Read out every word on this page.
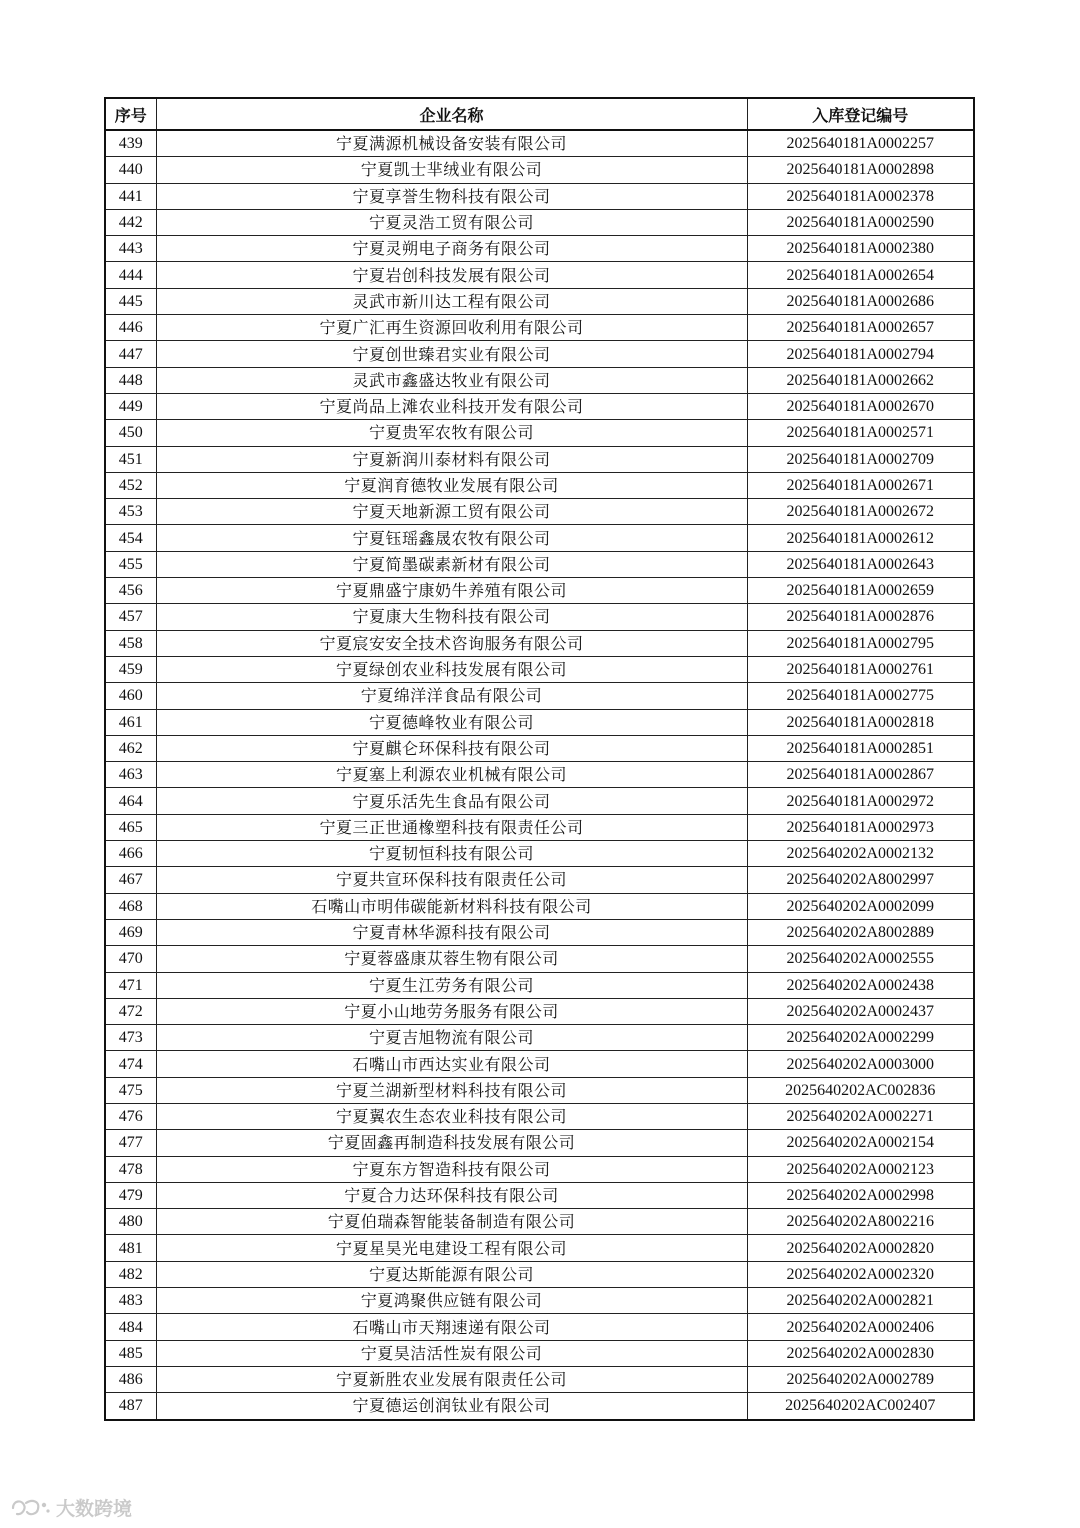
序号	企业名称	入库登记编号
439	宁夏满源机械设备安装有限公司	2025640181A0002257
440	宁夏凯士芈绒业有限公司	2025640181A0002898
441	宁夏享誉生物科技有限公司	2025640181A0002378
442	宁夏灵浩工贸有限公司	2025640181A0002590
443	宁夏灵朔电子商务有限公司	2025640181A0002380
444	宁夏岩创科技发展有限公司	2025640181A0002654
445	灵武市新川达工程有限公司	2025640181A0002686
446	宁夏广汇再生资源回收利用有限公司	2025640181A0002657
447	宁夏创世臻君实业有限公司	2025640181A0002794
448	灵武市鑫盛达牧业有限公司	2025640181A0002662
449	宁夏尚品上滩农业科技开发有限公司	2025640181A0002670
450	宁夏贵军农牧有限公司	2025640181A0002571
451	宁夏新润川泰材料有限公司	2025640181A0002709
452	宁夏润育德牧业发展有限公司	2025640181A0002671
453	宁夏天地新源工贸有限公司	2025640181A0002672
454	宁夏钰瑶鑫晟农牧有限公司	2025640181A0002612
455	宁夏简墨碳素新材有限公司	2025640181A0002643
456	宁夏鼎盛宁康奶牛养殖有限公司	2025640181A0002659
457	宁夏康大生物科技有限公司	2025640181A0002876
458	宁夏宸安安全技术咨询服务有限公司	2025640181A0002795
459	宁夏绿创农业科技发展有限公司	2025640181A0002761
460	宁夏绵洋洋食品有限公司	2025640181A0002775
461	宁夏德峰牧业有限公司	2025640181A0002818
462	宁夏麒仑环保科技有限公司	2025640181A0002851
463	宁夏塞上利源农业机械有限公司	2025640181A0002867
464	宁夏乐活先生食品有限公司	2025640181A0002972
465	宁夏三正世通橡塑科技有限责任公司	2025640181A0002973
466	宁夏韧恒科技有限公司	2025640202A0002132
467	宁夏共宣环保科技有限责任公司	2025640202A8002997
468	石嘴山市明伟碳能新材料科技有限公司	2025640202A0002099
469	宁夏青林华源科技有限公司	2025640202A8002889
470	宁夏蓉盛康苁蓉生物有限公司	2025640202A0002555
471	宁夏生江劳务有限公司	2025640202A0002438
472	宁夏小山地劳务服务有限公司	2025640202A0002437
473	宁夏吉旭物流有限公司	2025640202A0002299
474	石嘴山市西达实业有限公司	2025640202A0003000
475	宁夏兰湖新型材料科技有限公司	2025640202AC002836
476	宁夏翼农生态农业科技有限公司	2025640202A0002271
477	宁夏固鑫再制造科技发展有限公司	2025640202A0002154
478	宁夏东方智造科技有限公司	2025640202A0002123
479	宁夏合力达环保科技有限公司	2025640202A0002998
480	宁夏伯瑞森智能装备制造有限公司	2025640202A8002216
481	宁夏星昊光电建设工程有限公司	2025640202A0002820
482	宁夏达斯能源有限公司	2025640202A0002320
483	宁夏鸿聚供应链有限公司	2025640202A0002821
484	石嘴山市天翔速递有限公司	2025640202A0002406
485	宁夏昊洁活性炭有限公司	2025640202A0002830
486	宁夏新胜农业发展有限责任公司	2025640202A0002789
487	宁夏德运创润钛业有限公司	2025640202AC002407
大数跨境
